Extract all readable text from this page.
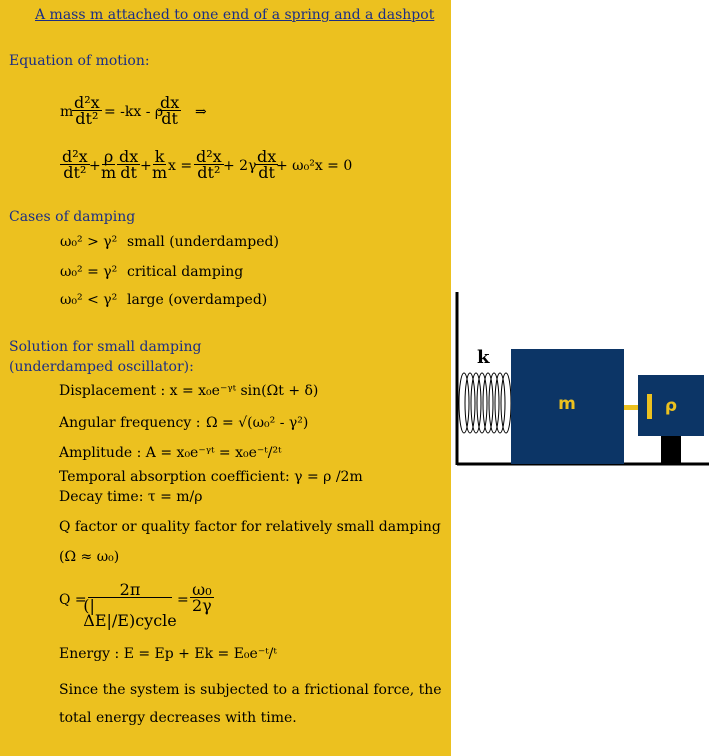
A mass m attached to one end of a spring and a dashpot
Equation of motion:
m d²x
dt² = -kx - ρ
dx
dt ⇒
d²x
dt² + ρ
m
dx
dt + k
m x = d²x
dt² + 2γ dx
dt + ω₀²x = 0
Cases of damping
ω₀² > γ² small (underdamped)
ω₀² = γ² critical damping
ω₀² < γ² large (overdamped)
Solution for small damping
(underdamped oscillator):
Displacement : x = x₀e⁻ᵞᵗ sin(Ωt + δ)
Angular frequency : Ω = √(ω₀² - γ²)
Amplitude : A = x₀e⁻ᵞᵗ = x₀e⁻ᵗ/²ᵗ
Temporal absorption coefficient: γ = ρ /2m
Decay time: τ = m/ρ
Q factor or quality factor for relatively small damping
(Ω ≈ ω₀)
Q =
2π
(|ΔE|/E)cycle
=
ω₀
2γ
Energy : E = Ep + Ek = E₀e⁻ᵗ/ᵗ
Since the system is subjected to a frictional force, the
total energy decreases with time.
k
m	ρ
